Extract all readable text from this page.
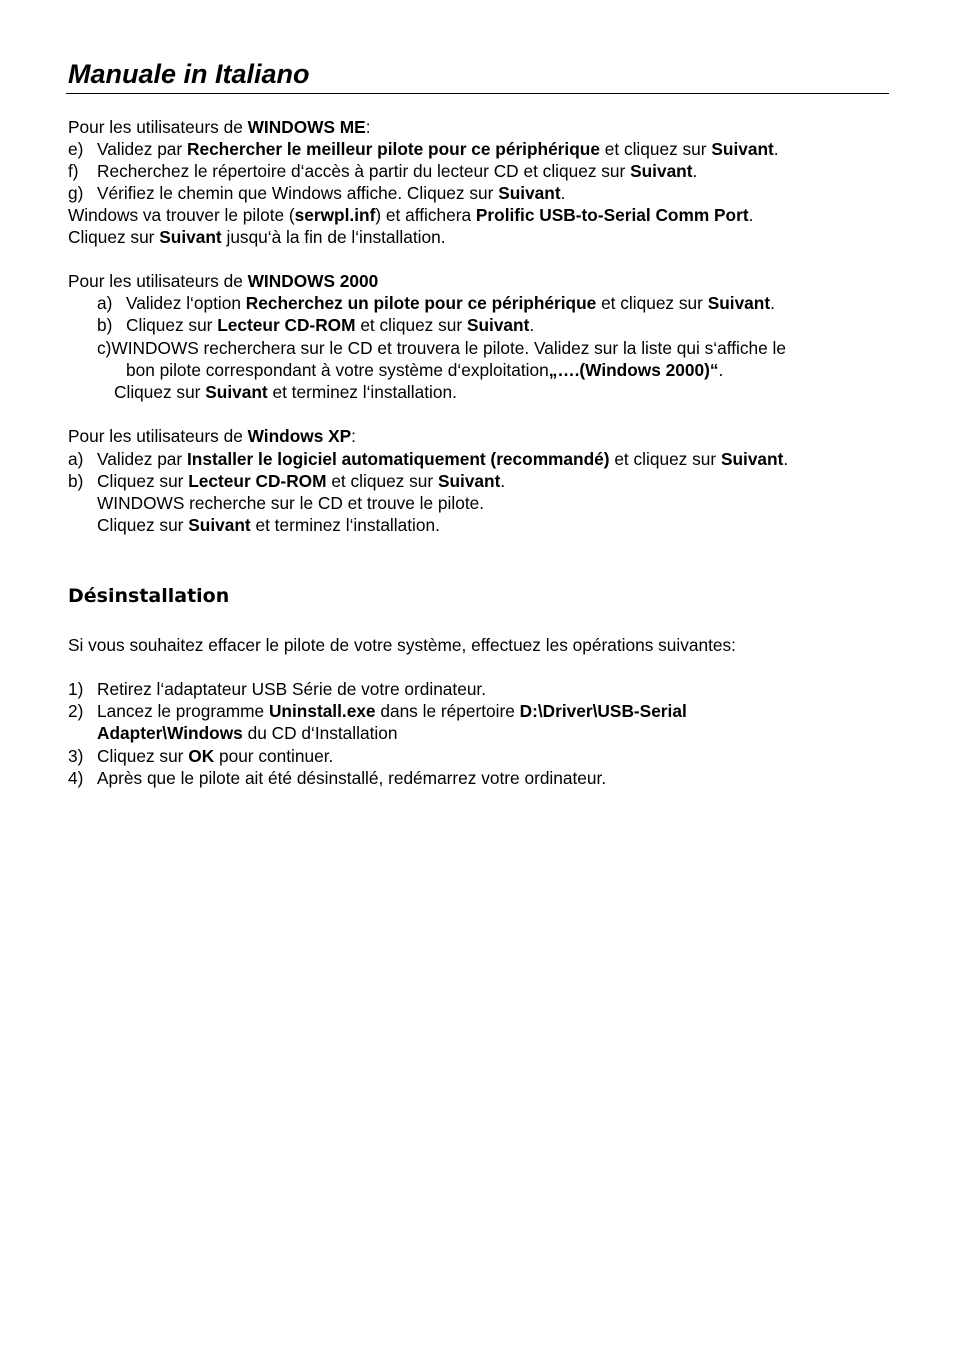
Manuale in Italiano
Pour les utilisateurs de WINDOWS ME:
e) Validez par Rechercher le meilleur pilote pour ce périphérique et cliquez sur Suivant.
f) Recherchez le répertoire d‘accès à partir du lecteur CD et cliquez sur Suivant.
g) Vérifiez le chemin que Windows affiche. Cliquez sur Suivant.
Windows va trouver le pilote (serwpl.inf) et affichera Prolific USB-to-Serial Comm Port.
Cliquez sur Suivant jusqu‘à la fin de l‘installation.
Pour les utilisateurs de WINDOWS 2000
a) Validez l‘option Recherchez un pilote pour ce périphérique et cliquez sur Suivant.
b) Cliquez sur Lecteur CD-ROM et cliquez sur Suivant.
c)WINDOWS recherchera sur le CD et trouvera le pilote. Validez sur la liste qui s‘affiche le
bon pilote correspondant à votre système d‘exploitation„….(Windows 2000)“.
Cliquez sur Suivant et terminez l‘installation.
Pour les utilisateurs de Windows XP:
a) Validez par Installer le logiciel automatiquement (recommandé) et cliquez sur Suivant.
b) Cliquez sur Lecteur CD-ROM et cliquez sur Suivant.
WINDOWS recherche sur le CD et trouve le pilote.
Cliquez sur Suivant et terminez l‘installation.
Désinstallation
Si vous souhaitez effacer le pilote de votre système, effectuez les opérations suivantes:
1) Retirez l‘adaptateur USB Série de votre ordinateur.
2) Lancez le programme Uninstall.exe dans le répertoire D:\Driver\USB-Serial
Adapter\Windows du CD d‘Installation
3) Cliquez sur OK pour continuer.
4) Après que le pilote ait été désinstallé, redémarrez votre ordinateur.
